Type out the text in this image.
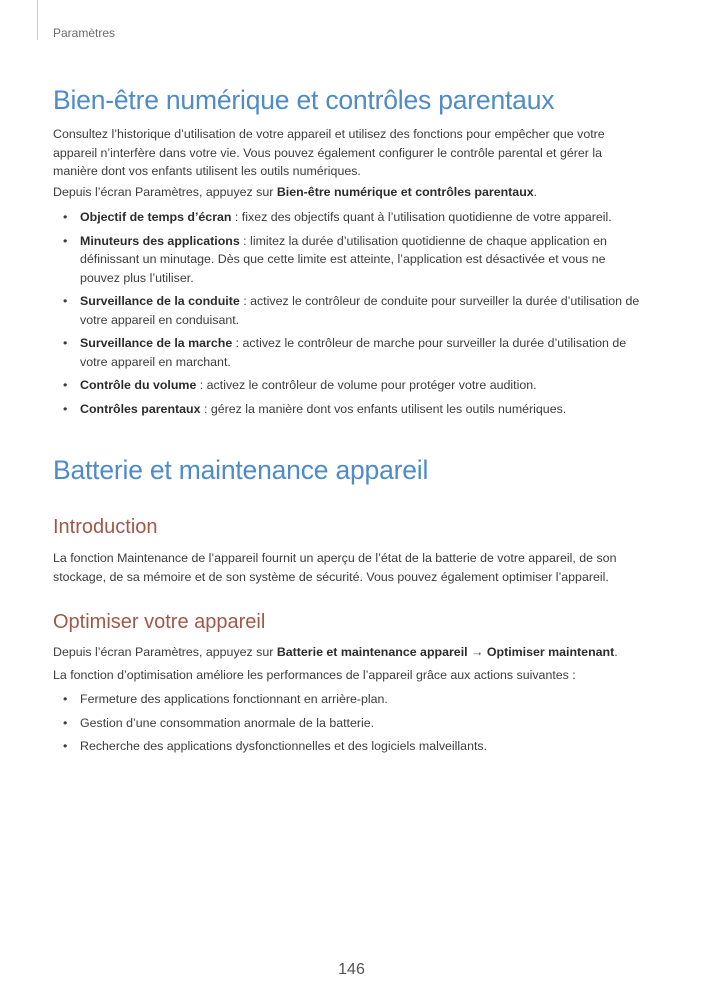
Paramètres
Bien-être numérique et contrôles parentaux

Consultez l’historique d’utilisation de votre appareil et utilisez des fonctions pour empêcher que votre appareil n’interfère dans votre vie. Vous pouvez également configurer le contrôle parental et gérer la manière dont vos enfants utilisent les outils numériques.

Depuis l’écran Paramètres, appuyez sur Bien-être numérique et contrôles parentaux.

• Objectif de temps d’écran : fixez des objectifs quant à l’utilisation quotidienne de votre appareil.
• Minuteurs des applications : limitez la durée d’utilisation quotidienne de chaque application en définissant un minutage. Dès que cette limite est atteinte, l’application est désactivée et vous ne pouvez plus l’utiliser.
• Surveillance de la conduite : activez le contrôleur de conduite pour surveiller la durée d’utilisation de votre appareil en conduisant.
• Surveillance de la marche : activez le contrôleur de marche pour surveiller la durée d’utilisation de votre appareil en marchant.
• Contrôle du volume : activez le contrôleur de volume pour protéger votre audition.
• Contrôles parentaux : gérez la manière dont vos enfants utilisent les outils numériques.
Batterie et maintenance appareil
Introduction

La fonction Maintenance de l’appareil fournit un aperçu de l’état de la batterie de votre appareil, de son stockage, de sa mémoire et de son système de sécurité. Vous pouvez également optimiser l’appareil.

Optimiser votre appareil

Depuis l’écran Paramètres, appuyez sur Batterie et maintenance appareil → Optimiser maintenant.

La fonction d’optimisation améliore les performances de l’appareil grâce aux actions suivantes :

• Fermeture des applications fonctionnant en arrière-plan.
• Gestion d’une consommation anormale de la batterie.
• Recherche des applications dysfonctionnelles et des logiciels malveillants.
146
